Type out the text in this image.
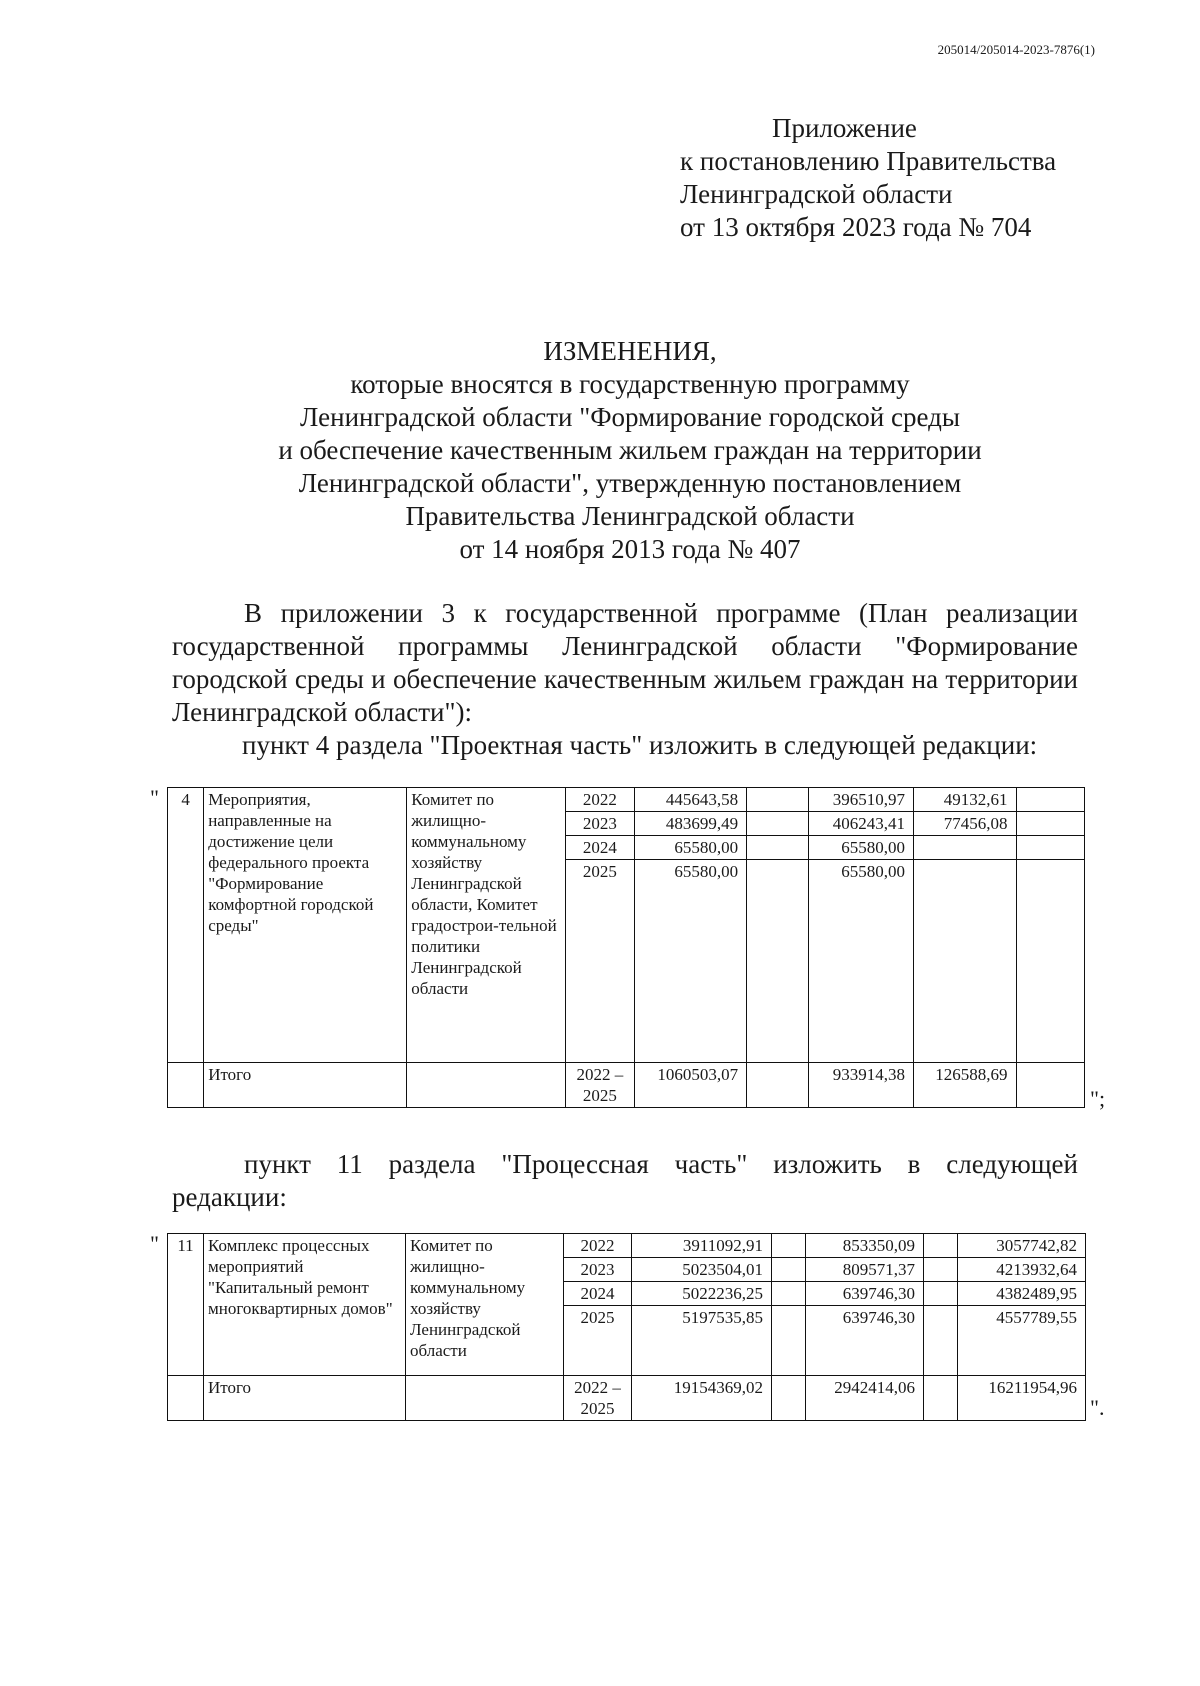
205014/205014-2023-7876(1)
Приложение
к постановлению Правительства
Ленинградской области
от 13 октября 2023 года № 704
ИЗМЕНЕНИЯ,
которые вносятся в государственную программу
Ленинградской области "Формирование городской среды
и обеспечение качественным жильем граждан на территории
Ленинградской области", утвержденную постановлением
Правительства Ленинградской области
от 14 ноября 2013 года № 407
В приложении 3 к государственной программе (План реализации государственной программы Ленинградской области "Формирование городской среды и обеспечение качественным жильем граждан на территории Ленинградской области"):
пункт 4 раздела "Проектная часть" изложить в следующей редакции:
" 4	Мероприятия, направленные на достижение цели федерального проекта "Формирование комфортной городской среды"	Комитет по жилищно-коммунальному хозяйству Ленинградской области, Комитет градострои-тельной политики Ленинградской области	2022	445643,58		396510,97	49132,61	
			2023	483699,49		406243,41	77456,08	
			2024	65580,00		65580,00		
			2025	65580,00		65580,00		
	Итого		2022 – 2025	1060503,07		933914,38	126588,69	
";
пункт 11 раздела "Процессная часть" изложить в следующей
редакции:
" 11	Комплекс процессных мероприятий "Капитальный ремонт многоквартирных домов"	Комитет по жилищно-коммунальному хозяйству Ленинградской области	2022	3911092,91		853350,09		3057742,82
			2023	5023504,01		809571,37		4213932,64
			2024	5022236,25		639746,30		4382489,95
			2025	5197535,85		639746,30		4557789,55
	Итого		2022 – 2025	19154369,02		2942414,06		16211954,96
".
